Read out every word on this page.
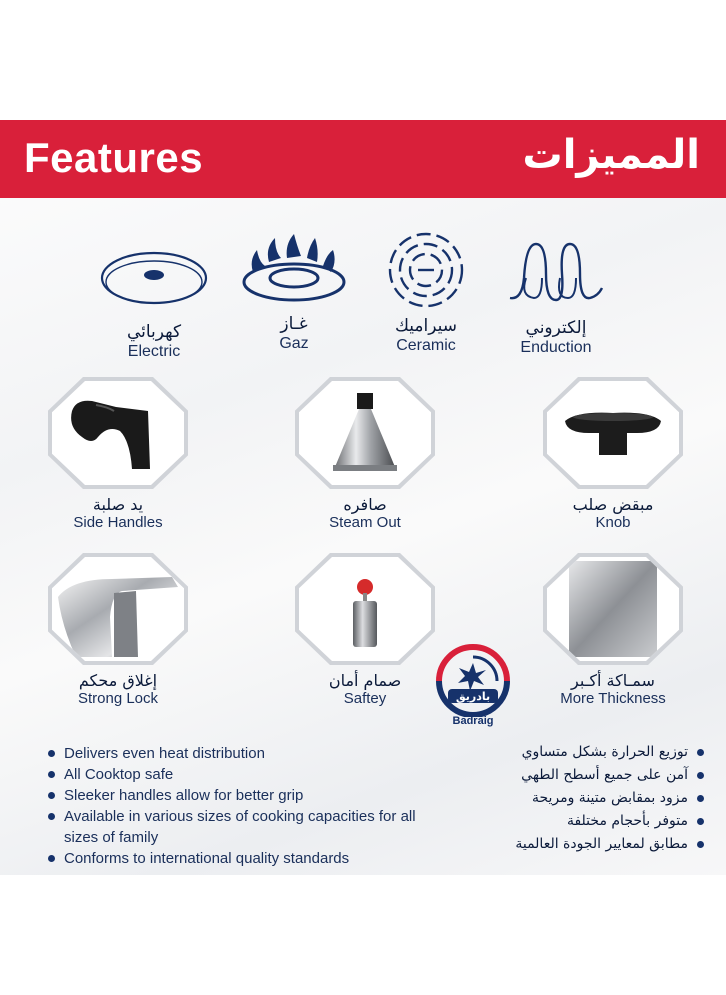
Features	المميزات
كهربائي
Electric
غـاز
Gaz
سيراميك
Ceramic
إلكتروني
Enduction
يد صلبة
Side Handles
صافره
Steam Out
مبقض صلب
Knob
إغلاق محكم
Strong Lock
صمام أمان
Saftey
سمـاكة أكـبر
More Thickness
بادريق
Badraig
Delivers even heat distribution
All Cooktop safe
Sleeker handles allow for better grip
Available in various sizes of cooking capacities for all sizes of family
Conforms to international quality standards
توزيع الحرارة بشكل متساوي
آمن على جميع أسطح الطهي
مزود بمقابض متينة ومريحة
متوفر بأحجام مختلفة
مطابق لمعايير الجودة العالمية
